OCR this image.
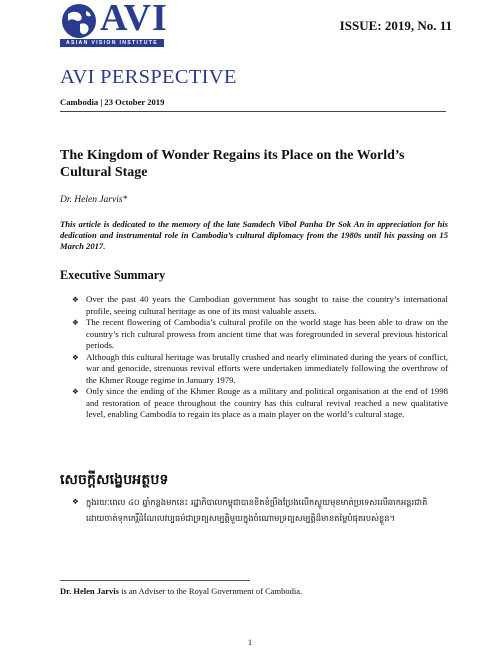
AVI
ASIAN VISION INSTITUTE
ISSUE: 2019, No. 11
AVI PERSPECTIVE
Cambodia | 23 October 2019
The Kingdom of Wonder Regains its Place on the World’s Cultural Stage
Dr. Helen Jarvis*
This article is dedicated to the memory of the late Samdech Vibol Panha Dr Sok An in appreciation for his dedication and instrumental role in Cambodia’s cultural diplomacy from the 1980s until his passing on 15 March 2017.
Executive Summary
❖ Over the past 40 years the Cambodian government has sought to raise the country’s international profile, seeing cultural heritage as one of its most valuable assets.
❖ The recent flowering of Cambodia’s cultural profile on the world stage has been able to draw on the country’s rich cultural prowess from ancient time that was foregrounded in several previous historical periods.
❖ Although this cultural heritage was brutally crushed and nearly eliminated during the years of conflict, war and genocide, strenuous revival efforts were undertaken immediately following the overthrow of the Khmer Rouge regime in January 1979.
❖ Only since the ending of the Khmer Rouge as a military and political organisation at the end of 1998 and restoration of peace throughout the country has this cultural revival reached a new qualitative level, enabling Cambodia to regain its place as a main player on the world’s cultural stage.
សេចក្តីសង្ខេបអត្ថបទ
❖ ក្នុងរយៈពេល ៤០ ឆ្នាំកន្លងមកនេះ រដ្ឋាភិបាលកម្ពុជាបានខិតខំប្រឹងប្រែងលើកស្ទួយមុខមាត់ប្រទេសលើឆាកអន្តរជាតិ ដោយចាត់ទុកកេរ្តិ៍ដំណែលវប្បធម៌ជាទ្រព្យសម្បត្តិមួយក្នុងចំណោមទ្រព្យសម្បត្តិដ៏មានតម្លៃបំផុតរបស់ខ្លួន។
Dr. Helen Jarvis is an Adviser to the Royal Government of Cambodia.
1
